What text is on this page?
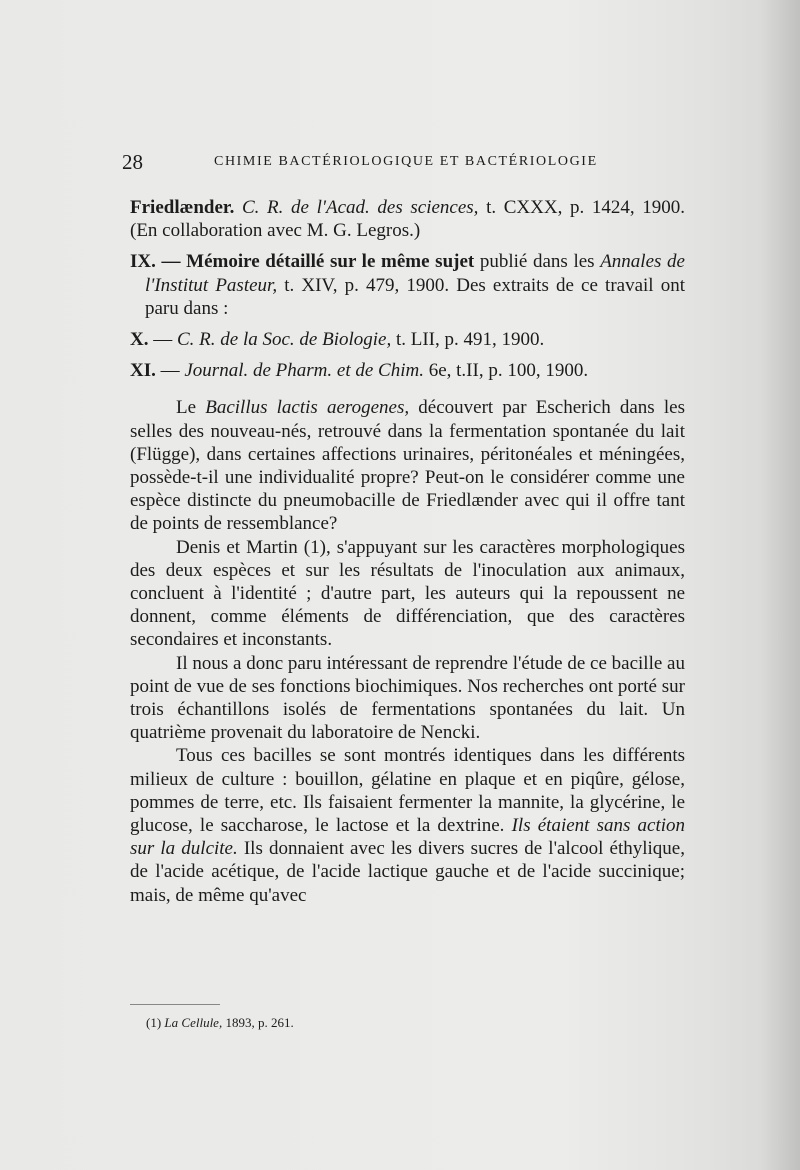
28	CHIMIE BACTÉRIOLOGIQUE ET BACTÉRIOLOGIE

Friedlænder. C. R. de l'Acad. des sciences, t. CXXX, p. 1424, 1900. (En collaboration avec M. G. Legros.)

IX. — Mémoire détaillé sur le même sujet publié dans les Annales de l'Institut Pasteur, t. XIV, p. 479, 1900. Des extraits de ce travail ont paru dans :

X. — C. R. de la Soc. de Biologie, t. LII, p. 491, 1900.

XI. — Journal. de Pharm. et de Chim. 6e, t.II, p. 100, 1900.

Le Bacillus lactis aerogenes, découvert par Escherich dans les selles des nouveau-nés, retrouvé dans la fermentation spontanée du lait (Flügge), dans certaines affections urinaires, péritonéales et méningées, possède-t-il une individualité propre? Peut-on le considérer comme une espèce distincte du pneumobacille de Friedlænder avec qui il offre tant de points de ressemblance?

Denis et Martin (1), s'appuyant sur les caractères morphologiques des deux espèces et sur les résultats de l'inoculation aux animaux, concluent à l'identité ; d'autre part, les auteurs qui la repoussent ne donnent, comme éléments de différenciation, que des caractères secondaires et inconstants.

Il nous a donc paru intéressant de reprendre l'étude de ce bacille au point de vue de ses fonctions biochimiques. Nos recherches ont porté sur trois échantillons isolés de fermentations spontanées du lait. Un quatrième provenait du laboratoire de Nencki.

Tous ces bacilles se sont montrés identiques dans les différents milieux de culture : bouillon, gélatine en plaque et en piqûre, gélose, pommes de terre, etc. Ils faisaient fermenter la mannite, la glycérine, le glucose, le saccharose, le lactose et la dextrine. Ils étaient sans action sur la dulcite. Ils donnaient avec les divers sucres de l'alcool éthylique, de l'acide acétique, de l'acide lactique gauche et de l'acide succinique; mais, de même qu'avec

(1) La Cellule, 1893, p. 261.
